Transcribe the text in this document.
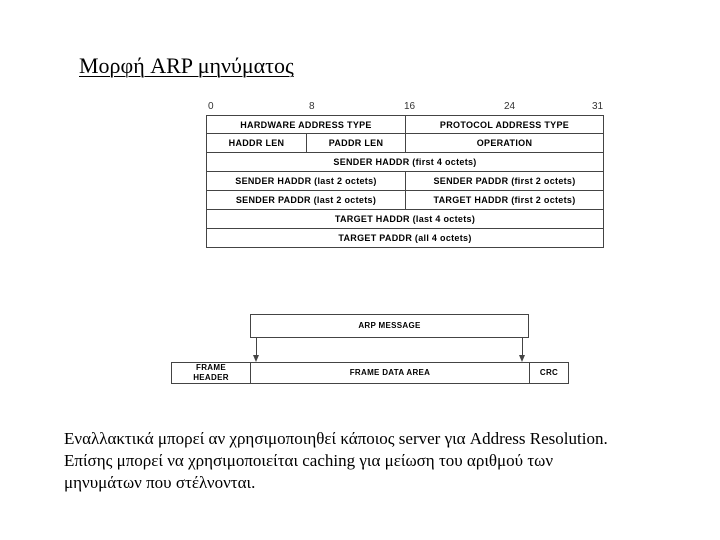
Μορφή ARP μηνύματος
0	8	16	24	31
HARDWARE ADDRESS TYPE	PROTOCOL ADDRESS TYPE
HADDR LEN	PADDR LEN	OPERATION
SENDER HADDR (first 4 octets)
SENDER HADDR (last 2 octets)	SENDER PADDR (first 2 octets)
SENDER PADDR (last 2 octets)	TARGET HADDR (first 2 octets)
TARGET HADDR (last 4 octets)
TARGET PADDR (all 4 octets)
ARP MESSAGE
FRAME
HEADER
FRAME DATA AREA	CRC
Εναλλακτικά μπορεί αν χρησιμοποιηθεί κάποιος server για Address Resolution.
Επίσης μπορεί να χρησιμοποιείται caching για μείωση του αριθμού των
μηνυμάτων που στέλνονται.
